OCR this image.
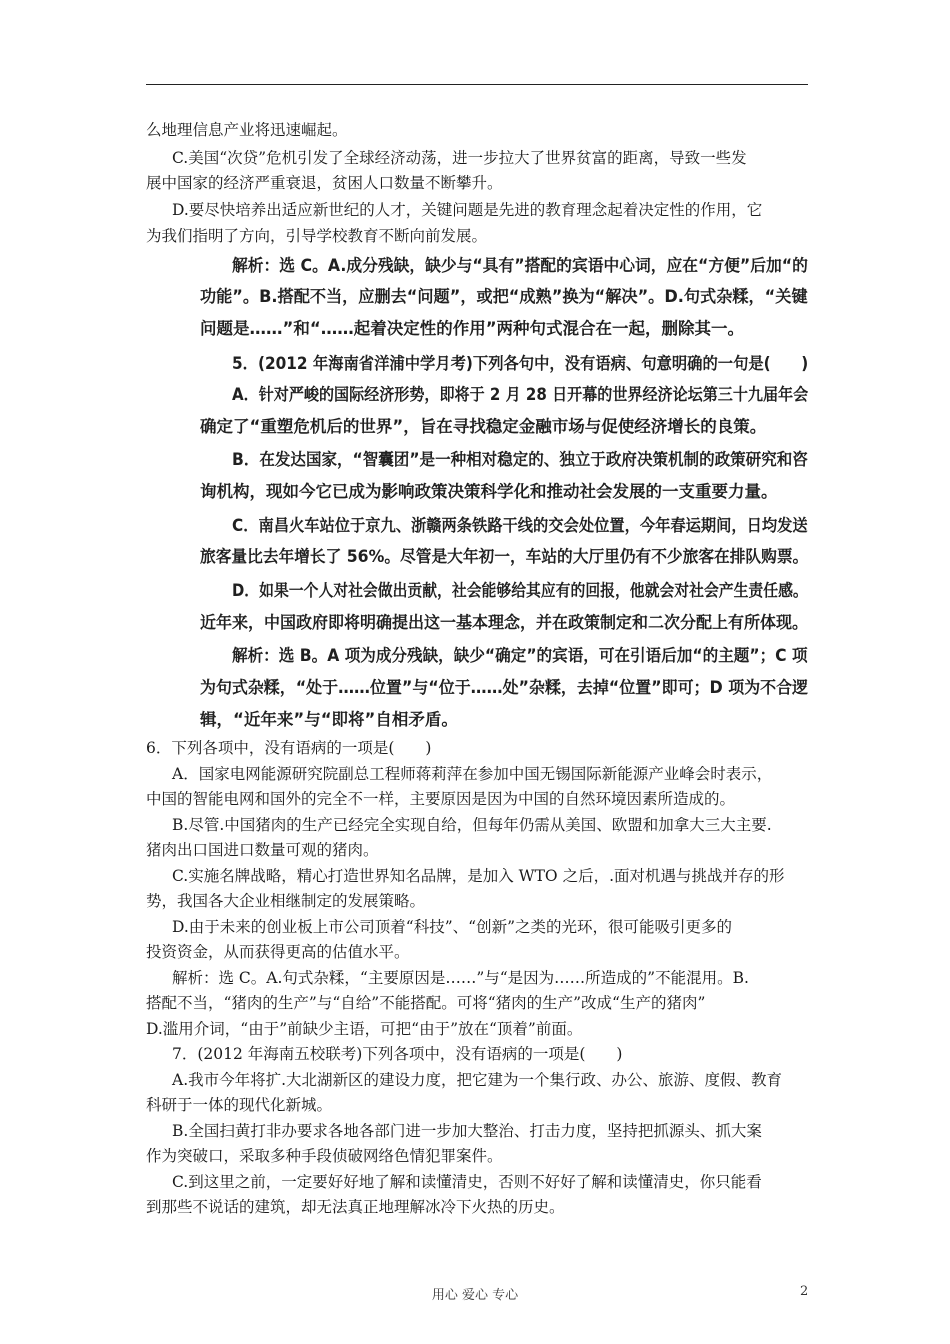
么地理信息产业将迅速崛起。
C.美国“次贷”危机引发了全球经济动荡，进一步拉大了世界贫富的距离，导致一些发
展中国家的经济严重衰退，贫困人口数量不断攀升。
D.要尽快培养出适应新世纪的人才，关键问题是先进的教育理念起着决定性的作用，它
为我们指明了方向，引导学校教育不断向前发展。
解析：选 C。A.成分残缺，缺少与“具有”搭配的宾语中心词，应在“方便”后加“的
功能”。B.搭配不当，应删去“问题”，或把“成熟”换为“解决”。D.句式杂糅，“关键
问题是……”和“……起着决定性的作用”两种句式混合在一起，删除其一。
5．(2012 年海南省洋浦中学月考)下列各句中，没有语病、句意明确的一句是(　　)
A．针对严峻的国际经济形势，即将于 2 月 28 日开幕的世界经济论坛第三十九届年会
确定了“重塑危机后的世界”，旨在寻找稳定金融市场与促使经济增长的良策。
B．在发达国家，“智囊团”是一种相对稳定的、独立于政府决策机制的政策研究和咨
询机构，现如今它已成为影响政策决策科学化和推动社会发展的一支重要力量。
C．南昌火车站位于京九、浙赣两条铁路干线的交会处位置，今年春运期间，日均发送
旅客量比去年增长了 56%。尽管是大年初一，车站的大厅里仍有不少旅客在排队购票。
D．如果一个人对社会做出贡献，社会能够给其应有的回报，他就会对社会产生责任感。
近年来，中国政府即将明确提出这一基本理念，并在政策制定和二次分配上有所体现。
解析：选 B。A 项为成分残缺，缺少“确定”的宾语，可在引语后加“的主题”；C 项
为句式杂糅，“处于……位置”与“位于……处”杂糅，去掉“位置”即可；D 项为不合逻
辑，“近年来”与“即将”自相矛盾。
6．下列各项中，没有语病的一项是(　　)
A．国家电网能源研究院副总工程师蒋莉萍在参加中国无锡国际新能源产业峰会时表示，
中国的智能电网和国外的完全不一样，主要原因是因为中国的自然环境因素所造成的。
B.尽管.中国猪肉的生产已经完全实现自给，但每年仍需从美国、欧盟和加拿大三大主要.
猪肉出口国进口数量可观的猪肉。
C.实施名牌战略，精心打造世界知名品牌，是加入 WTO 之后，.面对机遇与挑战并存的形
势，我国各大企业相继制定的发展策略。
D.由于未来的创业板上市公司顶着“科技”、“创新”之类的光环，很可能吸引更多的
投资资金，从而获得更高的估值水平。
解析：选 C。A.句式杂糅，“主要原因是……”与“是因为……所造成的”不能混用。B.
搭配不当，“猪肉的生产”与“自给”不能搭配。可将“猪肉的生产”改成“生产的猪肉”
D.滥用介词，“由于”前缺少主语，可把“由于”放在“顶着”前面。
7．(2012 年海南五校联考)下列各项中，没有语病的一项是(　　)
A.我市今年将扩.大北湖新区的建设力度，把它建为一个集行政、办公、旅游、度假、教育
科研于一体的现代化新城。
B.全国扫黄打非办要求各地各部门进一步加大整治、打击力度，坚持把抓源头、抓大案
作为突破口，采取多种手段侦破网络色情犯罪案件。
C.到这里之前，一定要好好地了解和读懂清史，否则不好好了解和读懂清史，你只能看
到那些不说话的建筑，却无法真正地理解冰冷下火热的历史。
用心 爱心 专心	2
